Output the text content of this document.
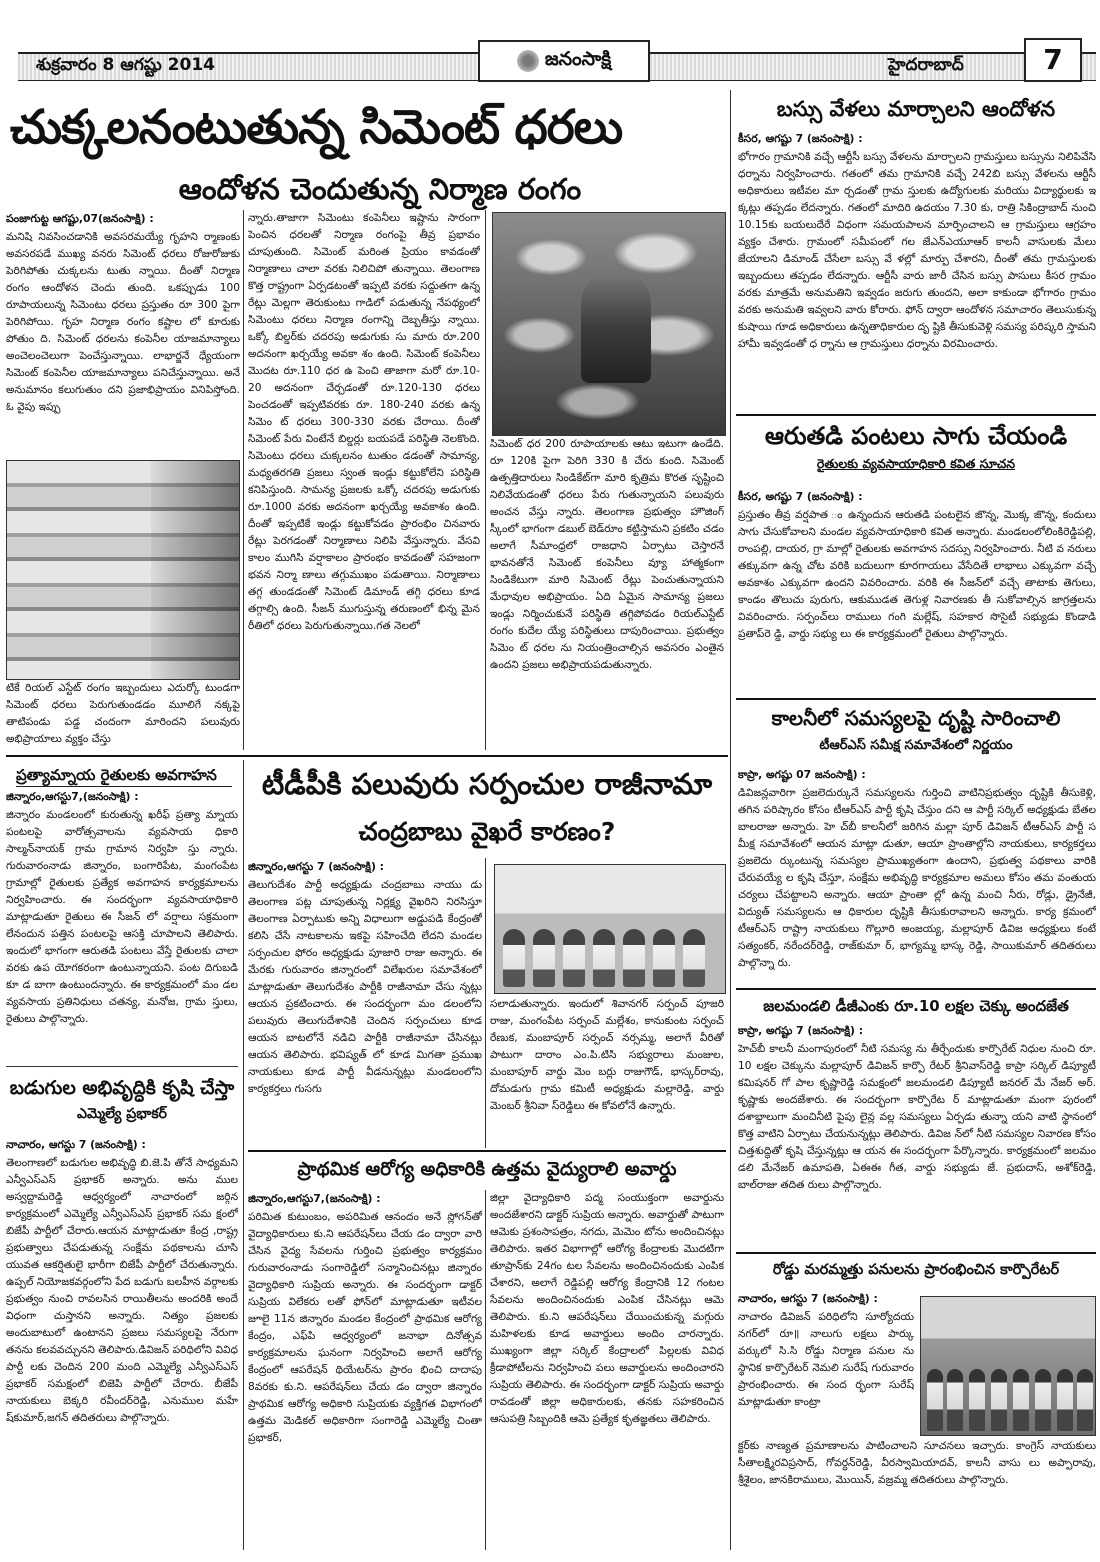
శుక్రవారం 8 ఆగష్టు 2014	జనంసాక్షి	హైదరాబాద్	7
చుక్కలనంటుతున్న సిమెంట్ ధరలు
ఆందోళన చెందుతున్న నిర్మాణ రంగం

పంజాగుట్ట ఆగష్టు,07(జనంసాక్షి) :

మనిషి నివసించడానికి అవసరమయ్యే గృహని ర్మాణంకు అవసరపడే ముఖ్య వనరు సిమెంట్ ధరలు రోజురోజుకు పెరిగిపోతు చుక్కలను టుతు న్నాయి. దీంతో నిర్మాణ రంగం ఆందోళన చెందు తుంది. ఒకప్పుడు 100 రూపాయలున్న సిమెంటు ధరలు ప్రస్తుతం రూ 300 పైగా పెరిగిపోయి. గృహ నిర్మాణ రంగం కష్టాల లో కూరుకు పోతుం ది. సిమెంట్ ధరలను కంపెనీల యాజమాన్యాలు అంచెలంచెలుగా పెంచేస్తున్నాయి. లాభార్జనే ధ్యేయంగా సిమెంట్ కంపెనీల యాజమాన్యాలు పనిచేస్తున్నాయి. అనే అనుమానం కలుగుతుం దని ప్రజాభిప్రాయం వినిపిస్తోంది. ఓ వైపు ఇప్పు

టికే రియల్ ఎస్టేట్ రంగం ఇబ్బందులు ఎదుర్కో టుండగా సిమెంట్ ధరలు పెరుగుతుండడం మూలిగే నక్కపై తాటిపండు పడ్డ చందంగా మారిందని పలువురు అభిప్రాయాలు వ్యక్తం చేస్తు

న్నారు.తాజాగా సిమెంటు కంపెనీలు ఇష్టాను సారంగా పెంచిన ధరలతో నిర్మాణ రంగంపై తీవ్ర ప్రభావం చూపుతుంది. సిమెంట్ మరింత ప్రియం కావడంతో నిర్మాణాలు చాలా వరకు నిలిచిపో తున్నాయి. తెలంగాణ కొత్త రాష్ట్రంగా ఏర్పడటంతో ఇప్పటి వరకు సద్దుతగా ఉన్న రేట్లు మెల్లగా తెరుకుంటు గాడిలో పడుతున్న నేపథ్యంలో సిమెంటు ధరలు నిర్మాణ రంగాన్ని దెబ్బతీస్తు న్నాయి. ఒక్కో బిల్డర్‌కు చదరపు అడుగుకు సు మారు రూ.200 అదనంగా ఖర్చయ్యే అవకా శం ఉంది. సిమెంట్ కంపెనీలు మొదట రూ.110 ధర ఉ పెంచి తాజాగా మరో రూ.10-20 అదనంగా చేర్చడంతో రూ.120-130 ధరలు పెంచడంతో ఇప్పటివరకు రూ. 180-240 వరకు ఉన్న సిమెం ట్ ధరలు 300-330 వరకు చేరాయి. దీంతో సిమెంట్ పేరు వింటేనే బిల్డర్లు బయపడే పరిస్థితి నెలకొంది. సిమెంటు ధరలు చుక్కలనం టుతుం డడంతో సామాన్య, మధ్యతరగతి ప్రజలు స్వంత ఇండ్లు కట్టుకోలేని పరిస్థితి కనిపిస్తుంది. సామన్య ప్రజలకు ఒక్కో చదరపు అడుగుకు రూ.1000 వరకు అదనంగా ఖర్చయ్యే అవకాశం ఉంది. దీంతో ఇప్పటికే ఇండ్లు కట్టుకోవడం ప్రారంభిం చినవారు రేట్లు పెరగడంతో నిర్మాణాలు నిలిపి వేస్తున్నారు. వేసవి కాలం ముగిసి వర్షాకాలం ప్రారంభం కావడంతో సహజంగా భవన నిర్మా ణాలు తగ్గుముఖం పడుతాయి. నిర్మాణాలు తగ్గ తుండడంతో సిమెంట్ డిమాండ్ తగ్గి ధరలు కూడ తగ్గాల్సి ఉంది. సీజన్ ముగుస్తున్న తరుణంలో భిన్న మైన రీతిలో ధరలు పెరుగుతున్నాయి.గత నెలలో

సిమెంట్ ధర 200 రూపాయాలకు ఆటు ఇటుగా ఉండేది. రూ 120కి పైగా పెరిగి 330 కి చేరు కుంది. సిమెంట్ ఉత్పత్తిదారులు సిండికేట్‌గా మారి కృత్రిమ కొరత సృష్టించి నిలివేయడంతో ధరలు పేరు గుతున్నాయని పలువురు అంచన వేస్తు న్నారు. తెలంగాణ ప్రభుత్వం హౌజింగ్ స్కీంలో భాగంగా డబుల్ బెడ్‌రూం కట్టిస్తామని ప్రకటిం చడం అలాగే సీమాంధ్రలో రాజధాని ఏర్పాటు చెస్తారనే భావనతోనే సిమెంట్ కంపెనీలు వ్యూ హాత్మకంగా సిండికేటుగా మారి సిమెంట్ రేట్లు పెంచుతున్నాయని మేధావుల అభిప్రాయం. ఏది ఏమైన సామాన్య ప్రజలు ఇండ్లు నిర్మించుకునే పరిస్థితి తగ్గిపోవడం రియల్‌ఎస్టేట్ రంగం కుదేల య్యే పరిస్థితులు దాపురించాయి. ప్రభుత్వం సిమెం ట్ ధరల ను నియంత్రించాల్సిన అవసరం ఎంతైన ఉందని ప్రజలు అభిప్రాయపడుతున్నారు.

ప్రత్యామ్నాయ రైతులకు అవగాహన

జిన్నారం,ఆగస్టు7,(జనంసాక్షి) :

జిన్నారం మండలంలో కురుతున్న ఖరీఫ్ ప్రత్యా మ్నాయ పంటలపై వారోత్సవాలను వ్యవసాయ ధికారి సాల్మన్‌నాయక్ గ్రామ గ్రామాన నిర్వహి స్తు న్నారు. గురువారంనాడు జిన్నారం, బంగారిపేట, మంగంపేట గ్రామాల్లో రైతులకు ప్రత్యేక అవగాహన కార్యక్రమాలను నిర్వహించారు. ఈ సందర్భంగా వ్యవసాయాధికారి మాట్లాడుతూ రైతులు ఈ సీజన్ లో వర్షాలు సక్రమంగా లేనందున పత్తిన పంటలపై ఆసక్తి చూపాలని తెలిపారు. ఇందులో భాగంగా ఆరుతడి పంటలు వేస్తే రైతులకు చాలా వరకు ఉప యోగకరంగా ఉంటున్నాయని. పంట దిగుబడి కూ డ బాగా ఉంటుందన్నారు. ఈ కార్యక్రమంలో మం డల వ్యవసాయ ప్రతినిధులు చతన్య, మనోజ, గ్రామ స్తులు, రైతులు పాల్గొన్నారు.

బడుగుల అభివృద్ధికి కృషి చేస్తా
ఎమ్మెల్యే ప్రభాకర్

నాచారం, ఆగస్టు 7 (జనంసాక్షి) :

తెలంగాణలో బడుగుల అభివృద్ధి బి.జె.పి తోనే సాధ్యమని ఎన్వీఎస్ఎస్ ప్రభాకర్ అన్నారు. అను ముల అస్వద్దామరెడ్డి ఆధ్వర్యంలో నాచారంలో జర్గిన కార్యక్రమంలో ఎమ్మెల్యే ఎన్వీఎస్ఎస్ ప్రభాకర్ సమ క్షంలో బిజేపీ పార్టీలో చేరారు.ఆయన మాట్లాడుతూ కేంద్ర ,రాష్ట్ర ప్రభుత్వాలు చేపడుతున్న సంక్షేమ పథకాలను చూసి యువత ఆకర్షితులై భారీగా బిజేపీ పార్టీలో చేరుతున్నారు. ఉప్పల్ నియోజకవర్గంలోని పేద బడుగు బలహీన వర్గాలకు ప్రభుత్వం నుంచి రావలసిన రాయితీలను అందరికి అందే విధంగా చుస్తానని అన్నారు. నిత్యం ప్రజలకు అందుబాటులో ఉంటానని ప్రజలు సమస్యలపై నేరుగా తనను కలవవచ్చునని తెలిపారు.డివిజన్ పరిధిలోని వివిధ పార్టీ లకు చెందిన 200 మంది ఎమ్మెల్యే ఎన్వీఎస్ఎస్ ప్రభాకర్ సమక్షంలో బిజెపి పార్టీలో చేరారు. బీజేపీ నాయకులు బెక్కరి రవీందర్‌రెడ్డి, ఎనుముల మహే ష్‌కుమార్,జగన్ తదితరులు పాల్గొన్నారు.

టీడీపీకి పలువురు సర్పంచుల రాజీనామా
చంద్రబాబు వైఖరే కారణం?

జిన్నారం,ఆగస్టు 7 (జనంసాక్షి) :

తెలుగుదేశం పార్టీ అధ్యక్షుడు చంద్రబాబు నాయు డు తెలంగాణ పట్ల చూపుతున్న నిర్లక్ష్య వైఖరిని నిరసిస్తూ తెలంగాణ ఏర్పాటుకు అన్ని విధాలుగా అడ్డుపడి కేంద్రంతో కలిసి చేసే నాటకాలను ఇకపై సహించేది లేదని మండల సర్పంచుల ఫోరం అధ్యక్షుడు పూజారి రాజు అన్నారు. ఈ మేరకు గురువారం జిన్నారంలో విలేఖరుల సమావేశంలో మాట్లాడుతూ తెలుగుదేశం పార్టీకి రాజీనామా చేసు న్నట్లు ఆయన ప్రకటించారు. ఈ సందర్భంగా మం డలంలోని పలువురు తెలుగుదేశానికి చెందిన సర్పంచులు కూడ ఆయన బాటలోనే నడిచి పార్టీకి రాజీనామా చేసినట్లు ఆయన తెలిపారు. భవిష్యత్ లో కూడ మిగతా ప్రముఖ నాయకులు కూడ పార్టీ వీడనున్నట్లు మండలంలోని కార్యకర్తలు గుసగు

సలాడుతున్నారు. ఇందులో శివానగర్ సర్పంచ్ పూజరి రాజు, మంగంపేట సర్పంచ్ మల్లేశం, కానుకుంట సర్పంచ్ రేణుక, మంబాపూర్ సర్పంచ్ నర్సమ్మ, అలాగే వీరితో పాటుగా దారాం ఎం.పి.టిసి సభ్యురాలు మంజుల, మంబాపూర్ వార్డు మెం బర్లు రాజుగౌడ్, భాస్కర్‌రావు, దోమడుగు గ్రామ కమిటీ అధ్యక్షుడు మల్లారెడ్డి, వార్డు మెంబర్ శ్రీనివా స్‌రెడ్డిలు ఈ కోవలోనే ఉన్నారు.

ప్రాథమిక ఆరోగ్య అధికారికి ఉత్తమ వైద్యురాలి అవార్డు

జిన్నారం,ఆగస్టు7,(జనంసాక్షి) :

పరిమిత కుటుంబం, అపరిమిత ఆనందం అనే స్లోగన్‌తో వైద్యాధికారులు కు.ని ఆపరేషన్‌లు చేయ డం ద్వారా వారి చేసిన వైద్య సేవలను గుర్తించి ప్రభుత్వం కార్యక్రమం గురువారంనాడు సంగారెడ్డిలో సన్మానించినట్లు జిన్నారం వైద్యాధికారి సుప్రియ అన్నారు. ఈ సందర్భంగా డాక్టర్ సుప్రియ విలేకరు లతో ఫోన్‌లో మాట్లాడుతూ ఇటీవల జూలై 11న జిన్నారం మండల కేంద్రంలో ప్రాథమిక ఆరోగ్య కేంద్రం, ఎఫ్‌పి ఆధ్వర్యంలో జనాభా దినోత్సవ కార్యక్రమాలను ఘనంగా నిర్వహించి అలాగే ఆరోగ్య కేంద్రంలో ఆపరేషన్ థియేటర్‌ను ప్రారం భించి దాదాపు 8వరకు కు.ని. ఆపరేషన్‌లు చేయ డం ద్వారా జిన్నారం ప్రాథమిక ఆరోగ్య అధికారి సుప్రియకు వ్యక్తిగత విభాగంలో ఉత్తమ మెడికల్ అధికారిగా సంగారెడ్డి ఎమ్మెల్యే చింతా ప్రభాకర్,

జిల్లా వైద్యాధికారి పద్మ సంయుక్తంగా అవార్డును అందజేశారని డాక్టర్ సుప్రియ అన్నారు. అవార్డుతో పాటుగా ఆమెకు ప్రశంసాపత్రం, నగదు, మెమెం టోను అందించినట్లు తెలిపారు. ఇతర విభాగాల్లో ఆరోగ్య కేంద్రాలకు మొదటిగా తూప్రాన్‌కు 24గం టల సేవలను అందించినందుకు ఎంపిక చేశారని, అలాగే రెడ్డిపల్లి ఆరోగ్య కేంద్రానికి 12 గంటల సేవలను అందించినందుకు ఎంపిక చేసినట్లు ఆమె తెలిపారు. కు.ని ఆపరేషన్‌లు చేయించుకున్న మగ్గురు మహిళలకు కూడ అవార్డులు అందిం చారన్నారు. ముఖ్యంగా జిల్లా సర్కిల్ కేంద్రాలలో పిల్లలకు వివిధ క్రీడాపోటీలను నిర్వహించి పలు అవార్డులను అందించారని సుప్రియ తెలిపారు. ఈ సందర్భంగా డాక్టర్ సుప్రియ అవార్డు రావడంతో జిల్లా అధికారులకు, తనకు సహకరించిన ఆసుపత్రి సిబ్బందికి ఆమె ప్రత్యేక కృతజ్ఞతలు తెలిపారు.

బస్సు వేళలు మార్చాలని ఆందోళన

కీసర, ఆగష్టు 7 (జనంసాక్షి) :

భోగారం గ్రామానికి వచ్చే ఆర్టీసీ బస్సు వేళలను మార్చాలని గ్రామస్తులు బస్సును నిలిపివేసి ధర్నాను నిర్వహించారు. గతంలో తమ గ్రామానికి వచ్చే 242బి బస్సు వేళలను ఆర్టీసీ అధికారులు ఇటీవల మా ర్చడంతో గ్రామ స్తులకు ఉద్యోగులకు మరియు విద్యార్థులకు ఇ క్కట్లు తప్పడం లేదన్నారు. గతంలో మాదిరి ఉదయం 7.30 కు, రాత్రి సికింద్రాబాద్ నుంచి 10.15కు బయలుదేరే విధంగా సమయపాలన మార్పించాలని ఆ గ్రామస్తులు ఆగ్రహం వ్యక్తం చేశారు. గ్రామంలో సమీపంలో గల జేఎన్‌ఎయూఆర్ కాలనీ వాసులకు మేలు జేయాలని డిమాండ్ చేసేలా బస్సు వే ళల్లో మార్పు చేశారని, దీంతో తమ గ్రామస్తులకు ఇబ్బందులు తప్పడం లేదన్నారు. ఆర్టీసీ వారు జారీ చేసిన బస్సు పాసులు కీసర గ్రామం వరకు మాత్రమే అనుమతిని ఇవ్వడం జరుగు తుందని, అలా కాకుండా భోగారం గ్రామం వరకు అనుమతి ఇవ్వలని వారు కోరారు. ఫోన్ ద్వారా ఆందోళన సమాచారం తెలుసుకున్న కుషాయి గూడ అధికారులు ఉన్నతాధికారుల దృ ష్టికి తీసుకువెళ్లి సమస్య పరిష్కరి స్తామని హామీ ఇవ్వడంతో ధ ర్నాను ఆ గ్రామస్తులు ధర్నాను విరమించారు.

ఆరుతడి పంటలు సాగు చేయండి
రైతులకు వ్యవసాయాధికారి కవిత సూచన

కీసర, అగష్టు 7 (జనంసాక్షి) :

ప్రస్తుతం తీవ్ర వర్షపాత ం ఉన్నందున ఆరుతడి పంటలైన జొన్న, మొక్క జొన్న, కందులు సాగు చేసుకోవాలని మండల వ్యవసాయాధికారి కవిత అన్నారు. మండలంలోలింకిరెడ్డిపల్లి, రాంపల్లి, దాయర, గ్రా మాల్లో రైతులకు అవగాహన సదస్సు నిర్వహించారు. నీటి వ నరులు తక్కువగా ఉన్న చోట వరికి బదులుగా కూరగాయలు వేసేదితే లాభాలు ఎక్కువగా వచ్చే అవకాశం ఎక్కువగా ఉందని వివరించారు. వరికి ఈ సీజన్‌లో వచ్చే తాటాకు తెగులు, కాండం తొలుచు పురుగు, ఆకుముడత తెగుళ్ల నివారణకు తీ సుకోవాల్సిన జాగ్రత్తలను వివరించారు. సర్పంచ్‌లు రాములు గంగి మల్లేష్, సహకార సొసైటీ సభ్యుడు కొండాడి ప్రతాప్‌రె డ్డి, వార్డు సభ్యు లు ఈ కార్యక్రమంలో రైతులు పాల్గొన్నారు.

కాలనీలో సమస్యలపై దృష్టి సారించాలి
టీఆర్ఎస్ సమీక్ష సమావేశంలో నిర్ణయం

కాప్రా, అగష్టు 07 జనంసాక్షి) :

డివిజన్లవారిగా ప్రజలెదుర్కునే సమస్యలను గుర్తించి వాటినిప్రభుత్వం దృష్టికి తీసుకెళ్లి, తగిన పరిష్కారం కోసం టీఆర్ఎస్ పార్టీ కృషి చేస్తుం దని ఆ పార్టీ సర్కిల్ అధ్యక్షుడు బేతల బాలరాజు అన్నారు. హె చ్‌బీ కాలనీలో జరిగిన మల్లా పూర్ డివిజన్ టీఆర్ఎస్ పార్టీ స మీక్ష సమావేశంలో ఆయన మాట్లా డుతూ, ఆయా ప్రాంతాల్లోని నాయకులు, కార్యకర్తలు ప్రజలెదు ర్కుంటున్న సమస్యల ప్రాముఖ్యతంగా ఉందాని, ప్రభుత్వ పథకాలు వారికి చేరువయ్యే ల కృషి చేస్తూ, సంక్షేమ అభివృద్ధి కార్యక్రమాల అమలు కోసం తమ వంతుయ చర్యలు చేపట్టాలని అన్నారు. ఆయా ప్రాంతా ల్లో ఉన్న మంచి నీరు, రోడ్లు, డ్రైనేజీ, విద్యుత్ సమస్యలను ఆ ధికారుల దృష్టికి తీసుకురావాలని అన్నారు. కార్య క్రమంలో టీఆర్ఎస్ రాష్ట్రా నాయకులు గొల్లూరి అంజయ్య, మల్లాపూర్ డివిజ అధ్యక్షులు కంటే సత్యంకర్, నరేందర్‌రెడ్డి, రాజ్‌కుమా ర్, భాగ్యమ్మ భాస్క రెడ్డి, సాయికుమార్ తదితరులు పాల్గొన్నా రు.

జలమండలి డీజీఎంకు రూ.10 లక్షల చెక్కు అందజేత

కాప్రా, అగష్టు 7 (జనంసాక్షి) :

హెచ్‌బీ కాలనీ మంగాపురంలో నీటి సమస్య ను తీర్చేందుకు కార్పొరేట్ నిధుల నుంచి రూ. 10 లక్షల చెక్కును మల్లాపూర్ డివిజన్ కార్పొ రేటర్ శ్రీనివాస్‌రెడ్డి కాప్రా సర్కిల్ డిప్యూటీ కమిషనర్ గో పాల కృష్ణారెడ్డి సమక్షంలో జలమండలి డిప్యూటీ జనరల్ మే నేజర్ అర్. కృష్ణాకు అందజేశారు. ఈ సందర్భంగా కార్పొరేట ర్ మాట్లాడుతూ మంగా పురంలో దశాబ్దాలుగా మంచినీటి పైపు లైన్ల వల్ల సమస్యలు ఏర్పడు తున్నా యని వాటి స్థానంలో కొత్త వాటిని ఏర్పాటు చేయనున్నట్లు తెలిపారు. డివిజ న్‌లో నీటి సమస్యల నివారణ కోసం చిత్తశుద్ధితో కృషి చేస్తున్నట్లు ఆ యన ఈ సందర్భంగా పేర్కొన్నారు. కార్యక్రమంలో జలమం డలి మేనేజర్ ఉమాపతి, ఏఈఈ గీత, వార్డు సభ్యుడు జే. ప్రభుదాస్, అశోక్‌రెడ్డి, బాల్‌రాజు తదిత రులు పాల్గొన్నారు.

రోడ్డు మరమ్మత్తు పనులను ప్రారంభించిన కార్పొరేటర్

నాచారం, ఆగస్టు 7 (జనంసాక్షి) :

నాచారం డివిజన్ పరిధిలోని సూర్యోదయ నగర్‌లో రూ॥ నాలుగు లక్షలు పార్కు వర్కులో సి.సి రోడ్డు నిర్మాణ పనుల ను స్థానిక కార్పొరేటర్ నెమలి సురేష్ గురువారం ప్రారంభించారు. ఈ సంద ర్భంగా సురేష్ మాట్లాడుతూ కాంట్రా

క్టర్‌కు నాణ్యత ప్రమాణాలను పాటించాలని సూచనలు ఇచ్చారు. కాంగ్రెస్ నాయకులు సీతాలక్ష్మిరవిప్రసాద్, గోవర్ధన్‌రెడ్డి, వీరస్వామియాదవ్, కాలనీ వాసు లు అప్పారావు, శ్రీశైలం, జానకిరాములు, మొయిన్, వజ్రమ్మ తదితరులు పాల్గొన్నారు.
